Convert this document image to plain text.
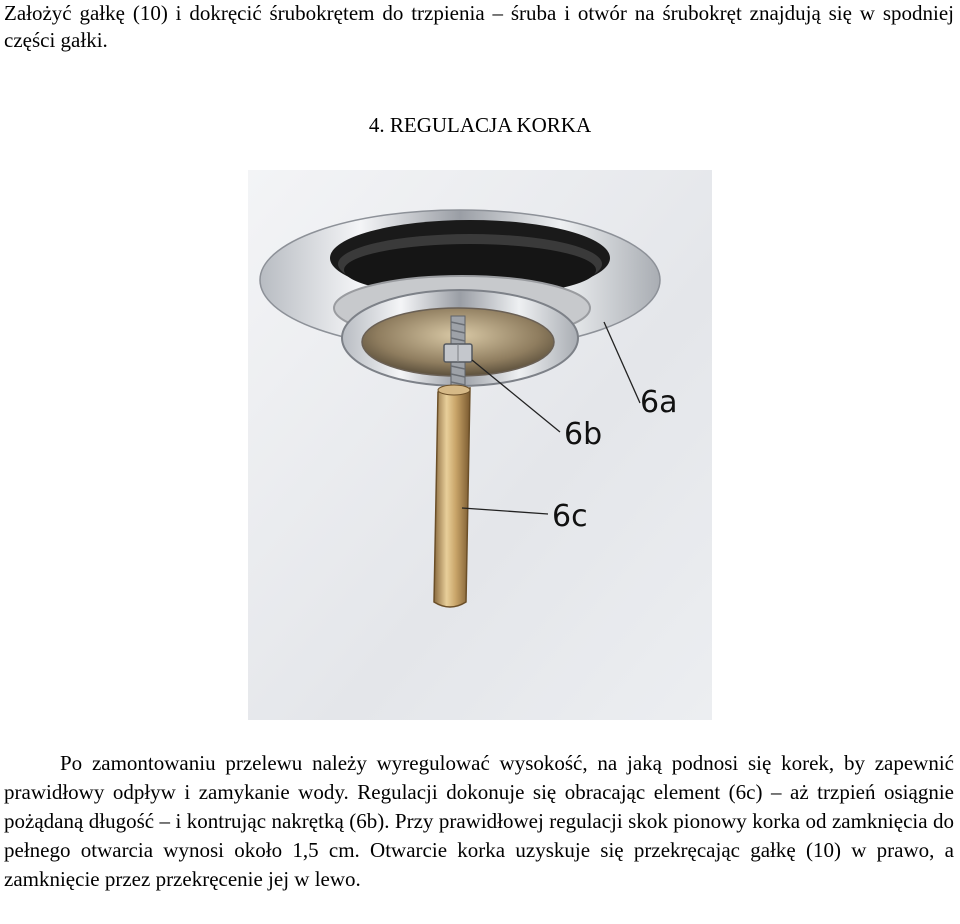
Założyć gałkę (10) i dokręcić śrubokrętem do trzpienia – śruba i otwór na śrubokręt znajdują się w spodniej części gałki.

4. REGULACJA KORKA
6a
6b
6c

Po zamontowaniu przelewu należy wyregulować wysokość, na jaką podnosi się korek, by zapewnić prawidłowy odpływ i zamykanie wody. Regulacji dokonuje się obracając element (6c) – aż trzpień osiągnie pożądaną długość – i kontrując nakrętką (6b). Przy prawidłowej regulacji skok pionowy korka od zamknięcia do pełnego otwarcia wynosi około 1,5 cm. Otwarcie korka uzyskuje się przekręcając gałkę (10) w prawo, a zamknięcie przez przekręcenie jej w lewo.
